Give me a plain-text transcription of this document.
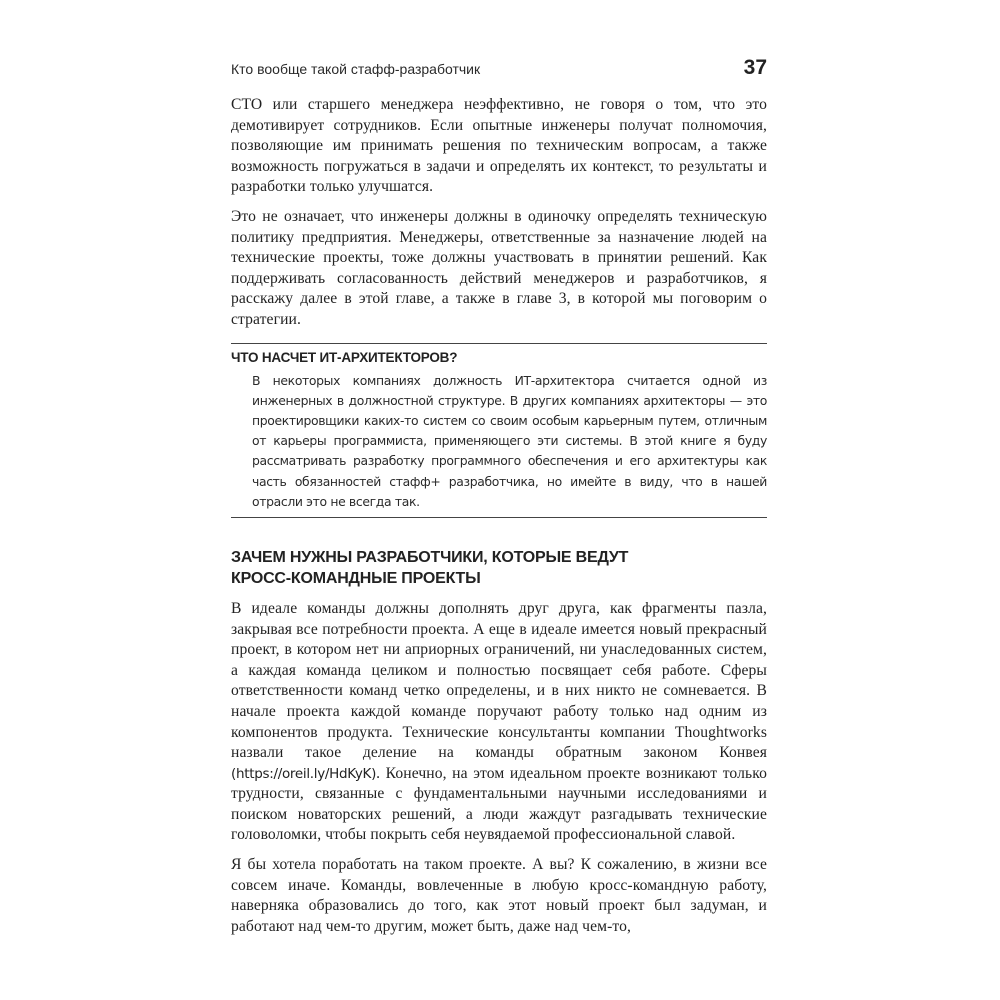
Кто вообще такой стафф-разработчик	37

CTO или старшего менеджера неэффективно, не говоря о том, что это демотивирует сотрудников. Если опытные инженеры получат полномочия, позволяющие им принимать решения по техническим вопросам, а также возможность погружаться в задачи и определять их контекст, то результаты и разработки только улучшатся.

Это не означает, что инженеры должны в одиночку определять техническую политику предприятия. Менеджеры, ответственные за назначение людей на технические проекты, тоже должны участвовать в принятии решений. Как поддерживать согласованность действий менеджеров и разработчиков, я расскажу далее в этой главе, а также в главе 3, в которой мы поговорим о стратегии.

ЧТО НАСЧЕТ ИТ-АРХИТЕКТОРОВ?
В некоторых компаниях должность ИТ-архитектора считается одной из инженерных в должностной структуре. В других компаниях архитекторы — это проектировщики каких-то систем со своим особым карьерным путем, отличным от карьеры программиста, применяющего эти системы. В этой книге я буду рассматривать разработку программного обеспечения и его архитектуры как часть обязанностей стафф+ разработчика, но имейте в виду, что в нашей отрасли это не всегда так.
ЗАЧЕМ НУЖНЫ РАЗРАБОТЧИКИ, КОТОРЫЕ ВЕДУТ
КРОСС-КОМАНДНЫЕ ПРОЕКТЫ

В идеале команды должны дополнять друг друга, как фрагменты пазла, закрывая все потребности проекта. А еще в идеале имеется новый прекрасный проект, в котором нет ни априорных ограничений, ни унаследованных систем, а каждая команда целиком и полностью посвящает себя работе. Сферы ответственности команд четко определены, и в них никто не сомневается. В начале проекта каждой команде поручают работу только над одним из компонентов продукта. Технические консультанты компании Thoughtworks назвали такое деление на команды обратным законом Конвея (https://oreil.ly/HdKyK). Конечно, на этом идеальном проекте возникают только трудности, связанные с фундаментальными научными исследованиями и поиском новаторских решений, а люди жаждут разгадывать технические головоломки, чтобы покрыть себя неувядаемой профессиональной славой.

Я бы хотела поработать на таком проекте. А вы? К сожалению, в жизни все совсем иначе. Команды, вовлеченные в любую кросс-командную работу, наверняка образовались до того, как этот новый проект был задуман, и работают над чем-то другим, может быть, даже над чем-то,
